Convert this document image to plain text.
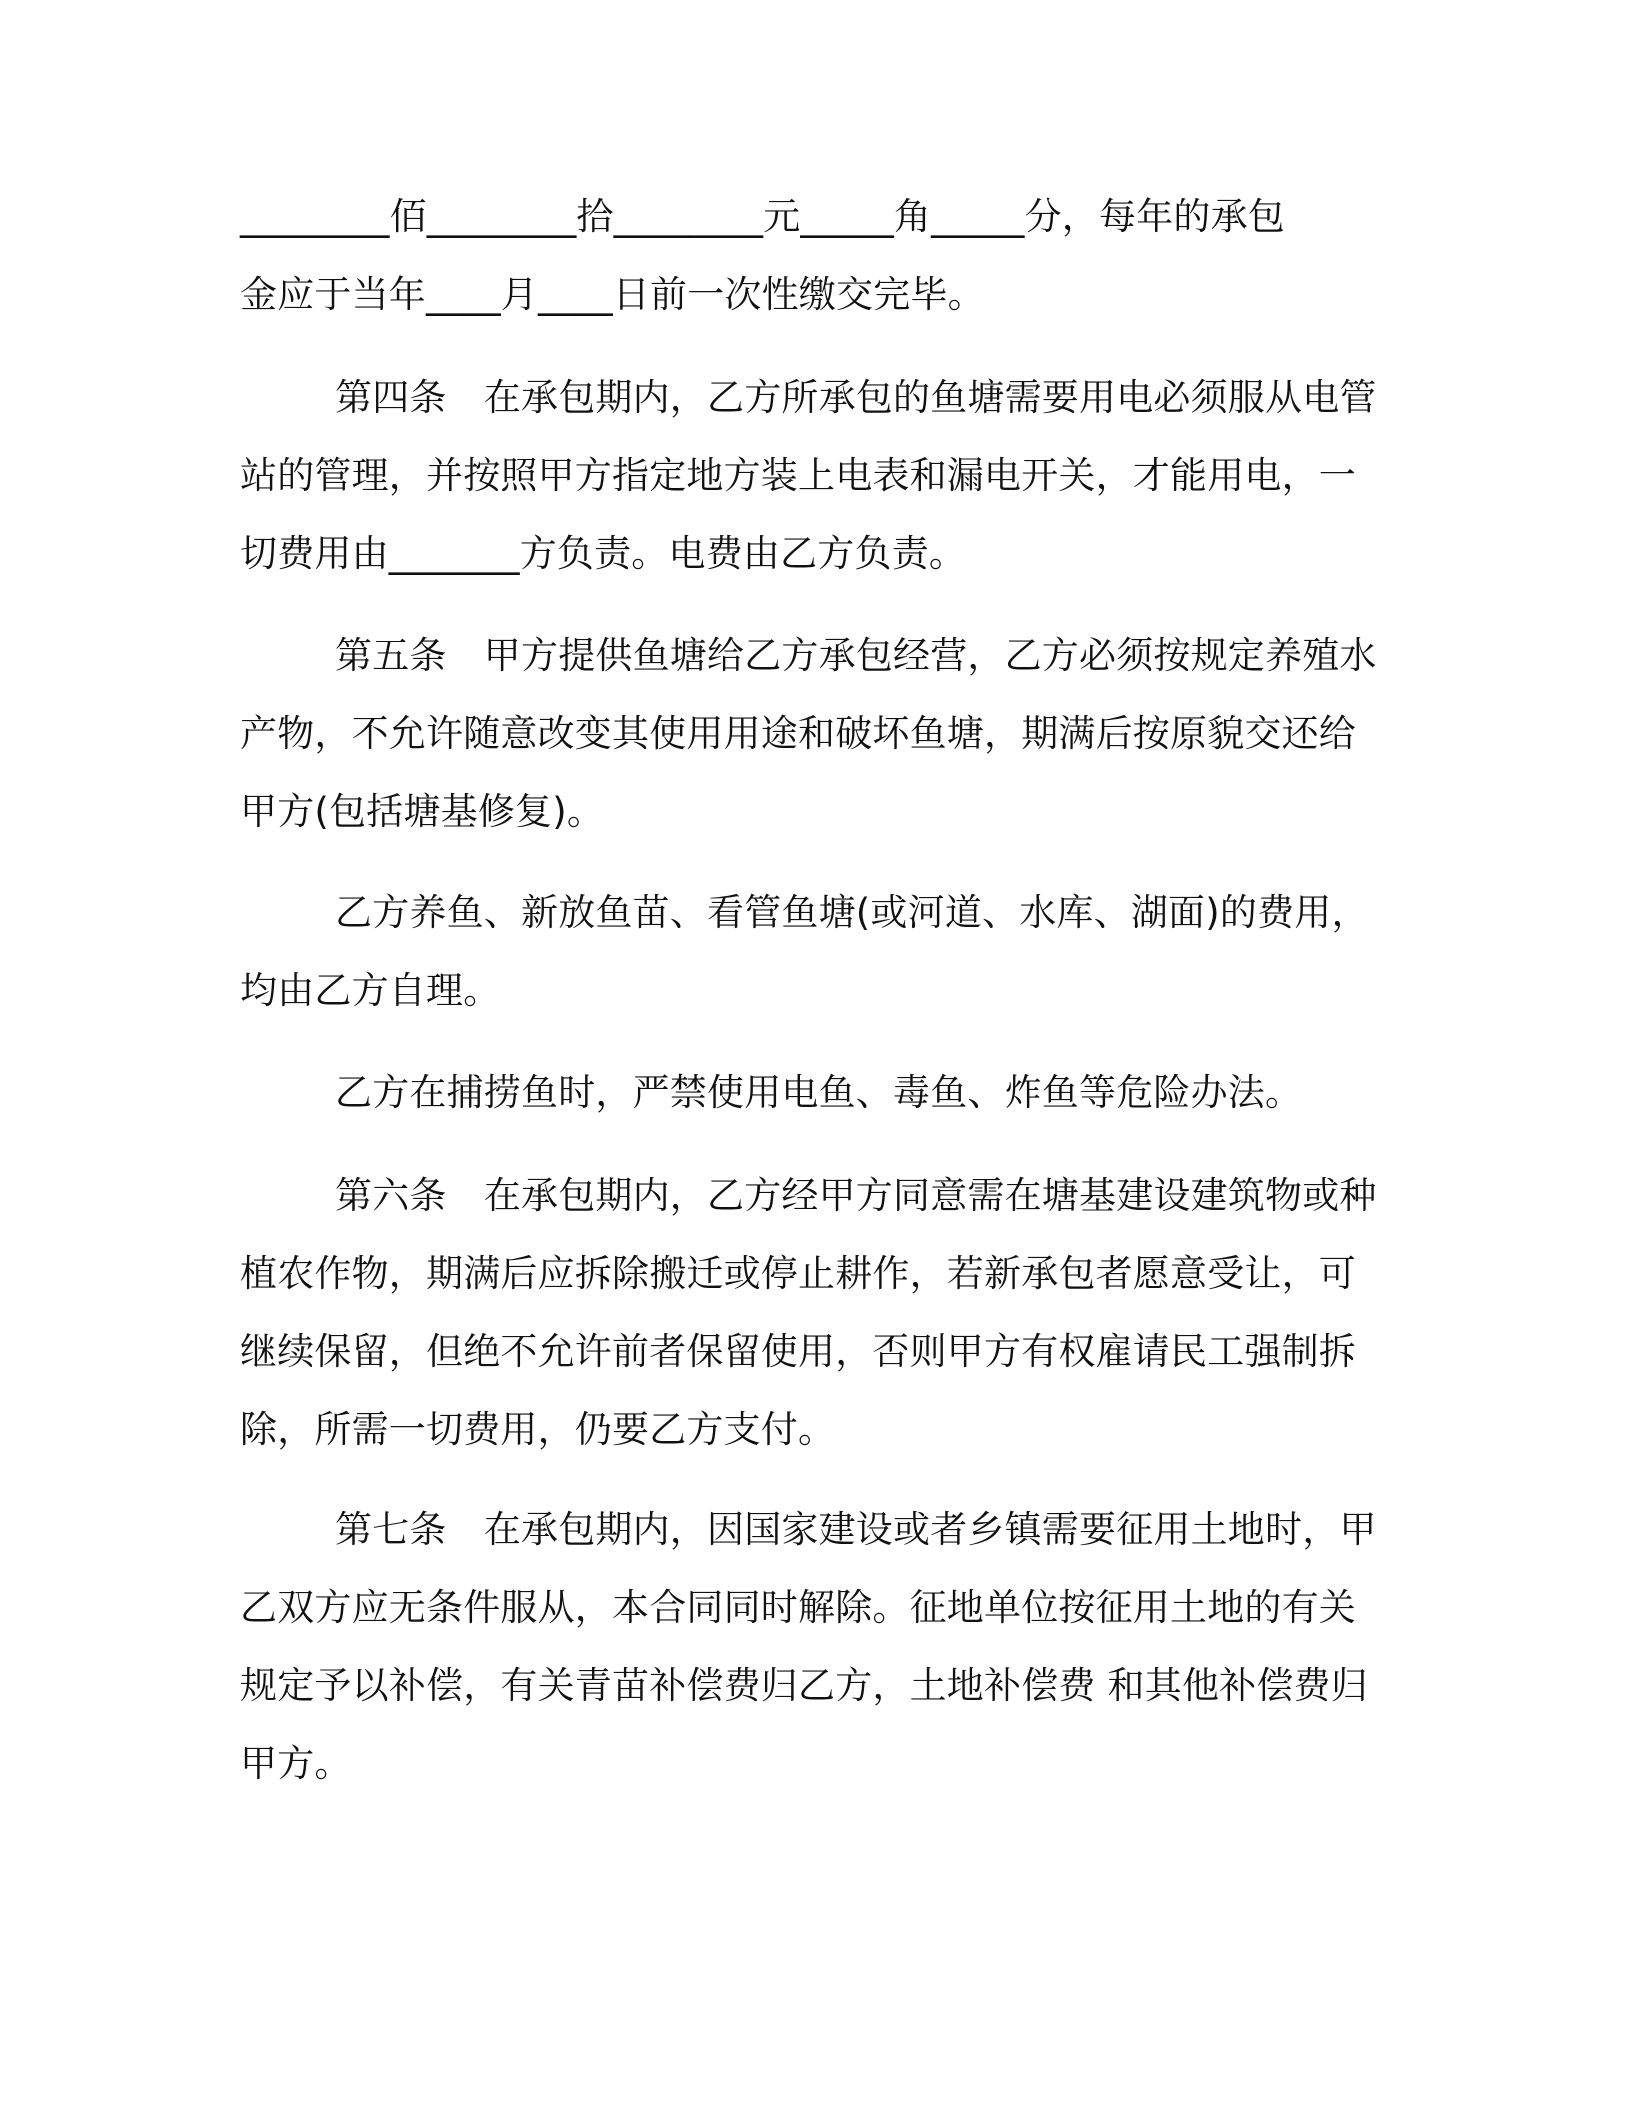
________佰________拾________元_____角_____分，每年的承包
金应于当年____月____日前一次性缴交完毕。
第四条　在承包期内，乙方所承包的鱼塘需要用电必须服从电管
站的管理，并按照甲方指定地方装上电表和漏电开关，才能用电，一
切费用由_______方负责。电费由乙方负责。
第五条　甲方提供鱼塘给乙方承包经营，乙方必须按规定养殖水
产物，不允许随意改变其使用用途和破坏鱼塘，期满后按原貌交还给
甲方(包括塘基修复)。
乙方养鱼、新放鱼苗、看管鱼塘(或河道、水库、湖面)的费用，
均由乙方自理。
乙方在捕捞鱼时，严禁使用电鱼、毒鱼、炸鱼等危险办法。
第六条　在承包期内，乙方经甲方同意需在塘基建设建筑物或种
植农作物，期满后应拆除搬迁或停止耕作，若新承包者愿意受让，可
继续保留，但绝不允许前者保留使用，否则甲方有权雇请民工强制拆
除，所需一切费用，仍要乙方支付。
第七条　在承包期内，因国家建设或者乡镇需要征用土地时，甲
乙双方应无条件服从，本合同同时解除。征地单位按征用土地的有关
规定予以补偿，有关青苗补偿费归乙方，土地补偿费 和其他补偿费归
甲方。
